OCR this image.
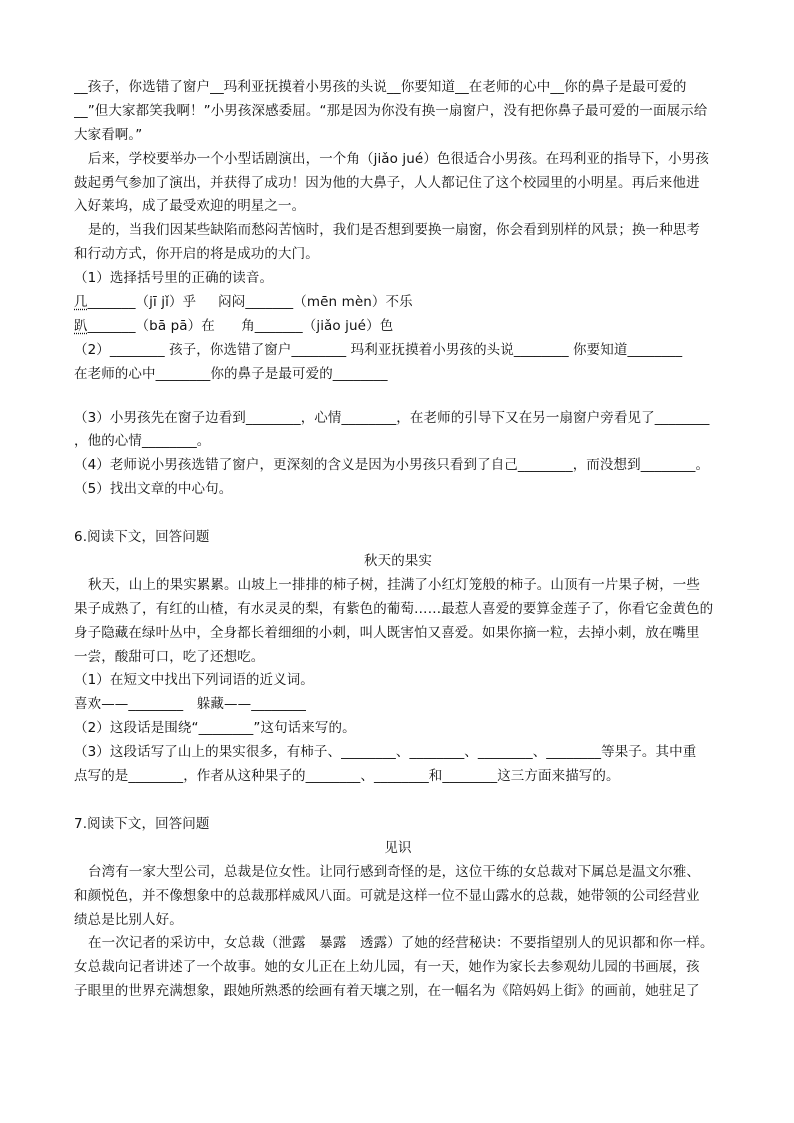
__孩子，你选错了窗户__玛利亚抚摸着小男孩的头说__你要知道__在老师的心中__你的鼻子是最可爱的
__”但大家都笑我啊！”小男孩深感委屈。“那是因为你没有换一扇窗户，没有把你鼻子最可爱的一面展示给
大家看啊。”
后来，学校要举办一个小型话剧演出，一个角（jiǎo jué）色很适合小男孩。在玛利亚的指导下，小男孩
鼓起勇气参加了演出，并获得了成功！因为他的大鼻子，人人都记住了这个校园里的小明星。再后来他进
入好莱坞，成了最受欢迎的明星之一。
是的，当我们因某些缺陷而愁闷苦恼时，我们是否想到要换一扇窗，你会看到别样的风景；换一种思考
和行动方式，你开启的将是成功的大门。
（1）选择括号里的正确的读音。
几_______（jī jǐ）乎 闷闷_______（mēn mèn）不乐
趴_______（bā pā）在 角_______（jiǎo jué）色
（2）________ 孩子，你选错了窗户________ 玛利亚抚摸着小男孩的头说________ 你要知道________
在老师的心中________你的鼻子是最可爱的________
（3）小男孩先在窗子边看到________，心情________，在老师的引导下又在另一扇窗户旁看见了________
，他的心情________。
（4）老师说小男孩选错了窗户，更深刻的含义是因为小男孩只看到了自己________，而没想到________。
（5）找出文章的中心句。
6.阅读下文，回答问题
秋天的果实
秋天，山上的果实累累。山坡上一排排的柿子树，挂满了小红灯笼般的柿子。山顶有一片果子树，一些
果子成熟了，有红的山楂，有水灵灵的梨，有紫色的葡萄……最惹人喜爱的要算金莲子了，你看它金黄色的
身子隐藏在绿叶丛中，全身都长着细细的小刺，叫人既害怕又喜爱。如果你摘一粒，去掉小刺，放在嘴里
一尝，酸甜可口，吃了还想吃。
（1）在短文中找出下列词语的近义词。
喜欢——________　躲藏——________
（2）这段话是围绕“________”这句话来写的。
（3）这段话写了山上的果实很多，有柿子、________、________、________、________等果子。其中重
点写的是________，作者从这种果子的________、________和________这三方面来描写的。
7.阅读下文，回答问题
见识
台湾有一家大型公司，总裁是位女性。让同行感到奇怪的是，这位干练的女总裁对下属总是温文尔雅、
和颜悦色，并不像想象中的总裁那样威风八面。可就是这样一位不显山露水的总裁，她带领的公司经营业
绩总是比别人好。
在一次记者的采访中，女总裁（泄露　暴露　透露）了她的经营秘诀：不要指望别人的见识都和你一样。
女总裁向记者讲述了一个故事。她的女儿正在上幼儿园，有一天，她作为家长去参观幼儿园的书画展，孩
子眼里的世界充满想象，跟她所熟悉的绘画有着天壤之别，在一幅名为《陪妈妈上街》的画前，她驻足了
